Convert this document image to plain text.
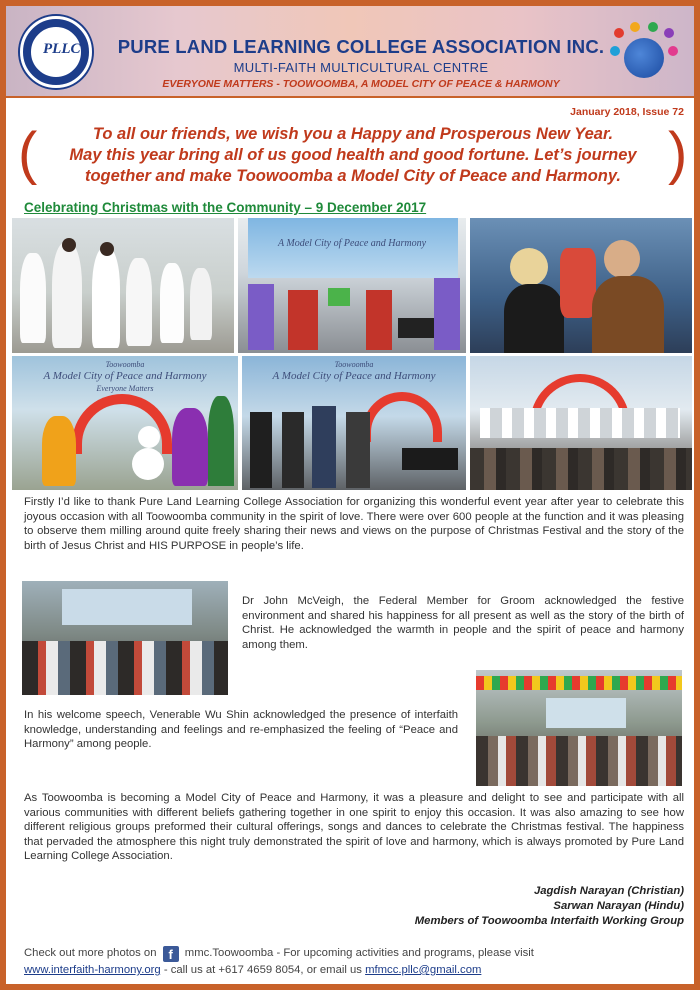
PLLC	PURE LAND LEARNING COLLEGE ASSOCIATION INC.
MULTI-FAITH MULTICULTURAL CENTRE
EVERYONE MATTERS - TOOWOOMBA, A MODEL CITY OF PEACE & HARMONY
January 2018, Issue 72
(	)
To all our friends, we wish you a Happy and Prosperous New Year.
May this year bring all of us good health and good fortune. Let’s journey
together and make Toowoomba a Model City of Peace and Harmony.
Celebrating Christmas with the Community – 9 December 2017
A Model City of Peace and Harmony
Toowoomba
A Model City of Peace and Harmony
Everyone Matters
Toowoomba
A Model City of Peace and Harmony
Firstly I’d like to thank Pure Land Learning College Association for organizing this wonderful event year after year to celebrate this joyous occasion with all Toowoomba community in the spirit of love. There were over 600 people at the function and it was pleasing to observe them milling around quite freely sharing their news and views on the purpose of Christmas Festival and the story of the birth of Jesus Christ and HIS PURPOSE in people’s life.
Dr John McVeigh, the Federal Member for Groom acknowledged the festive environment and shared his happiness for all present as well as the story of the birth of Christ. He acknowledged the warmth in people and the spirit of peace and harmony among them.
In his welcome speech, Venerable Wu Shin acknowledged the presence of interfaith knowledge, understanding and feelings and re-emphasized the feeling of “Peace and Harmony” among people.
As Toowoomba is becoming a Model City of Peace and Harmony, it was a pleasure and delight to see and participate with all various communities with different beliefs gathering together in one spirit to enjoy this occasion. It was also amazing to see how different religious groups preformed their cultural offerings, songs and dances to celebrate the Christmas festival. The happiness that pervaded the atmosphere this night truly demonstrated the spirit of love and harmony, which is always promoted by Pure Land Learning College Association.
Jagdish Narayan (Christian)
Sarwan Narayan (Hindu)
Members of Toowoomba Interfaith Working Group
Check out more photos on f mmc.Toowoomba - For upcoming activities and programs, please visit
www.interfaith-harmony.org - call us at +617 4659 8054, or email us mfmcc.pllc@gmail.com
